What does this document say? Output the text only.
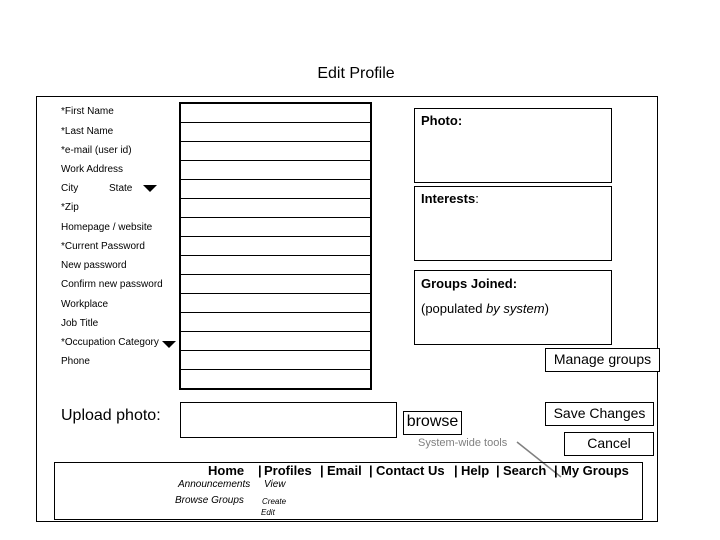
Edit Profile
*First Name
*Last Name
*e-mail (user id)
Work Address
City	State
*Zip
Homepage / website
*Current Password
New password
Confirm new password
Workplace
Job Title
*Occupation Category
Phone
Photo:
Interests:
Groups Joined:
(populated by system)
Manage groups
Upload photo:	browse	Save Changes
Cancel
System-wide tools
Home | Profiles | Email | Contact Us | Help | Search | My Groups
Announcements View
Browse Groups Create
Edit
